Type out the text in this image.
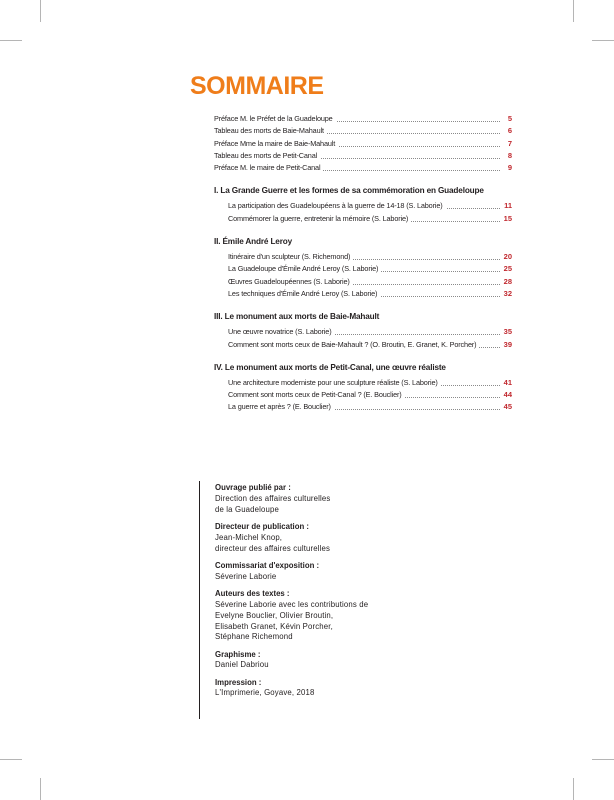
SOMMAIRE
Préface M. le Préfet de la Guadeloupe	5
Tableau des morts de Baie-Mahault	6
Préface Mme la maire de Baie-Mahault	7
Tableau des morts de Petit-Canal	8
Préface M. le maire de Petit-Canal	9
I. La Grande Guerre et les formes de sa commémoration en Guadeloupe
La participation des Guadeloupéens à la guerre de 14-18 (S. Laborie)	11
Commémorer la guerre, entretenir la mémoire (S. Laborie)	15
II. Émile André Leroy
Itinéraire d'un sculpteur (S. Richemond)	20
La Guadeloupe d'Émile André Leroy (S. Laborie)	25
Œuvres Guadeloupéennes (S. Laborie)	28
Les techniques d'Émile André Leroy (S. Laborie)	32
III. Le monument aux morts de Baie-Mahault
Une œuvre novatrice (S. Laborie)	35
Comment sont morts ceux de Baie-Mahault ? (O. Broutin, E. Granet, K. Porcher)	39
IV. Le monument aux morts de Petit-Canal, une œuvre réaliste
Une architecture moderniste pour une sculpture réaliste (S. Laborie)	41
Comment sont morts ceux de Petit-Canal ? (E. Bouclier)	44
La guerre et après ? (E. Bouclier)	45
Ouvrage publié par :
Direction des affaires culturelles
de la Guadeloupe
Directeur de publication :
Jean-Michel Knop,
directeur des affaires culturelles
Commissariat d'exposition :
Séverine Laborie
Auteurs des textes :
Séverine Laborie avec les contributions de
Evelyne Bouclier, Olivier Broutin,
Elisabeth Granet, Kévin Porcher,
Stéphane Richemond
Graphisme :
Daniel Dabriou
Impression :
L'Imprimerie, Goyave, 2018
